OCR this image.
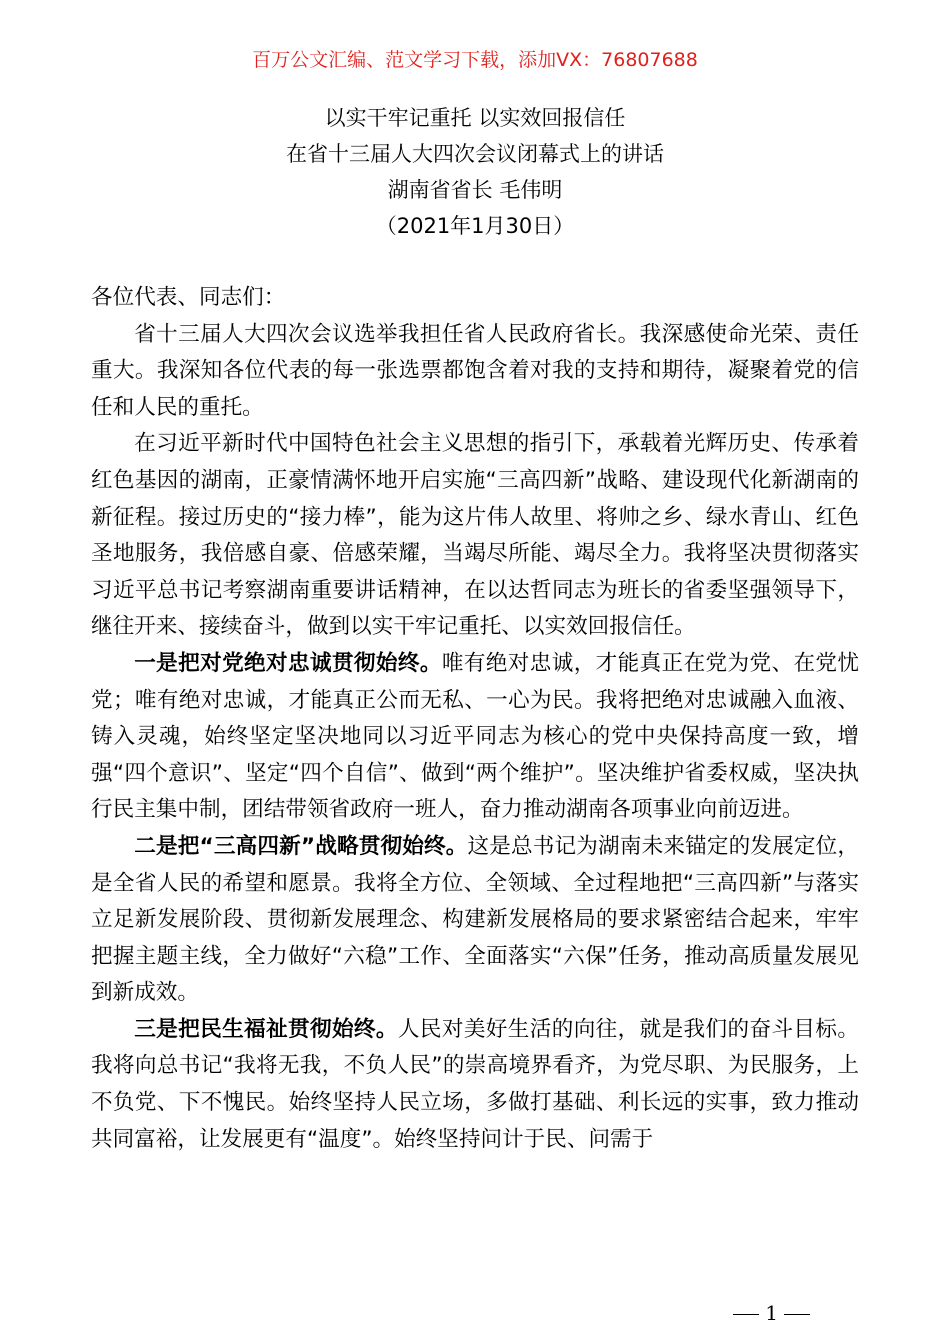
百万公文汇编、范文学习下载，添加VX：76807688
以实干牢记重托 以实效回报信任
在省十三届人大四次会议闭幕式上的讲话
湖南省省长 毛伟明
（2021年1月30日）

各位代表、同志们：

省十三届人大四次会议选举我担任省人民政府省长。我深感使命光荣、责任重大。我深知各位代表的每一张选票都饱含着对我的支持和期待，凝聚着党的信任和人民的重托。

在习近平新时代中国特色社会主义思想的指引下，承载着光辉历史、传承着红色基因的湖南，正豪情满怀地开启实施“三高四新”战略、建设现代化新湖南的新征程。接过历史的“接力棒”，能为这片伟人故里、将帅之乡、绿水青山、红色圣地服务，我倍感自豪、倍感荣耀，当竭尽所能、竭尽全力。我将坚决贯彻落实习近平总书记考察湖南重要讲话精神，在以达哲同志为班长的省委坚强领导下，继往开来、接续奋斗，做到以实干牢记重托、以实效回报信任。

一是把对党绝对忠诚贯彻始终。唯有绝对忠诚，才能真正在党为党、在党忧党；唯有绝对忠诚，才能真正公而无私、一心为民。我将把绝对忠诚融入血液、铸入灵魂，始终坚定坚决地同以习近平同志为核心的党中央保持高度一致，增强“四个意识”、坚定“四个自信”、做到“两个维护”。坚决维护省委权威，坚决执行民主集中制，团结带领省政府一班人，奋力推动湖南各项事业向前迈进。

二是把“三高四新”战略贯彻始终。这是总书记为湖南未来锚定的发展定位，是全省人民的希望和愿景。我将全方位、全领域、全过程地把“三高四新”与落实立足新发展阶段、贯彻新发展理念、构建新发展格局的要求紧密结合起来，牢牢把握主题主线，全力做好“六稳”工作、全面落实“六保”任务，推动高质量发展见到新成效。

三是把民生福祉贯彻始终。人民对美好生活的向往，就是我们的奋斗目标。我将向总书记“我将无我，不负人民”的崇高境界看齐，为党尽职、为民服务，上不负党、下不愧民。始终坚持人民立场，多做打基础、利长远的实事，致力推动共同富裕，让发展更有“温度”。始终坚持问计于民、问需于

1
